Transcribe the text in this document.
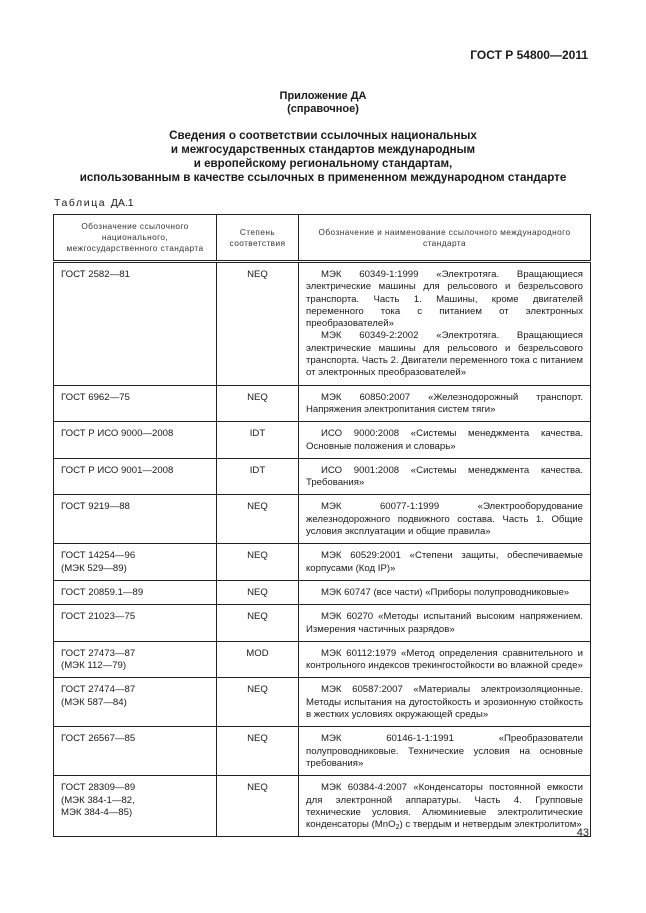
ГОСТ Р 54800—2011
Приложение ДА
(справочное)
Сведения о соответствии ссылочных национальных
и межгосударственных стандартов международным
и европейскому региональному стандартам,
использованным в качестве ссылочных в примененном международном стандарте
Таблица ДА.1
Обозначение ссылочного национального, межгосударственного стандарта	Степень соответствия	Обозначение и наименование ссылочного международного стандарта

ГОСТ 2582—81	NEQ	МЭК 60349-1:1999 «Электротяга. Вращающиеся электрические машины для рельсового и безрельсового транспорта. Часть 1. Машины, кроме двигателей переменного тока с питанием от электронных преобразователей»

МЭК 60349-2:2002 «Электротяга. Вращающиеся электрические машины для рельсового и безрельсового транспорта. Часть 2. Двигатели переменного тока с питанием от электронных преобразователей»

ГОСТ 6962—75	NEQ	МЭК 60850:2007 «Железнодорожный транспорт. Напряжения электропитания систем тяги»

ГОСТ Р ИСО 9000—2008	IDT	ИСО 9000:2008 «Системы менеджмента качества. Основные положения и словарь»

ГОСТ Р ИСО 9001—2008	IDT	ИСО 9001:2008 «Системы менеджмента качества. Требования»

ГОСТ 9219—88	NEQ	МЭК 60077-1:1999 «Электрооборудование железнодорожного подвижного состава. Часть 1. Общие условия эксплуатации и общие правила»

ГОСТ 14254—96
(МЭК 529—89)	NEQ	МЭК 60529:2001 «Степени защиты, обеспечиваемые корпусами (Код IP)»

ГОСТ 20859.1—89	NEQ	МЭК 60747 (все части) «Приборы полупроводниковые»

ГОСТ 21023—75	NEQ	МЭК 60270 «Методы испытаний высоким напряжением. Измерения частичных разрядов»

ГОСТ 27473—87
(МЭК 112—79)	MOD	МЭК 60112:1979 «Метод определения сравнительного и контрольного индексов трекингостойкости во влажной среде»

ГОСТ 27474—87
(МЭК 587—84)	NEQ	МЭК 60587:2007 «Материалы электроизоляционные. Методы испытания на дугостойкость и эрозионную стойкость в жестких условиях окружающей среды»

ГОСТ 26567—85	NEQ	МЭК 60146-1-1:1991 «Преобразователи полупроводниковые. Технические условия на основные требования»

ГОСТ 28309—89
(МЭК 384-1—82,
МЭК 384-4—85)
	NEQ	МЭК 60384-4:2007 «Конденсаторы постоянной емкости для электронной аппаратуры. Часть 4. Групповые технические условия. Алюминиевые электролитические конденсаторы (MnO$_2$) с твердым и нетвердым электролитом»

43
